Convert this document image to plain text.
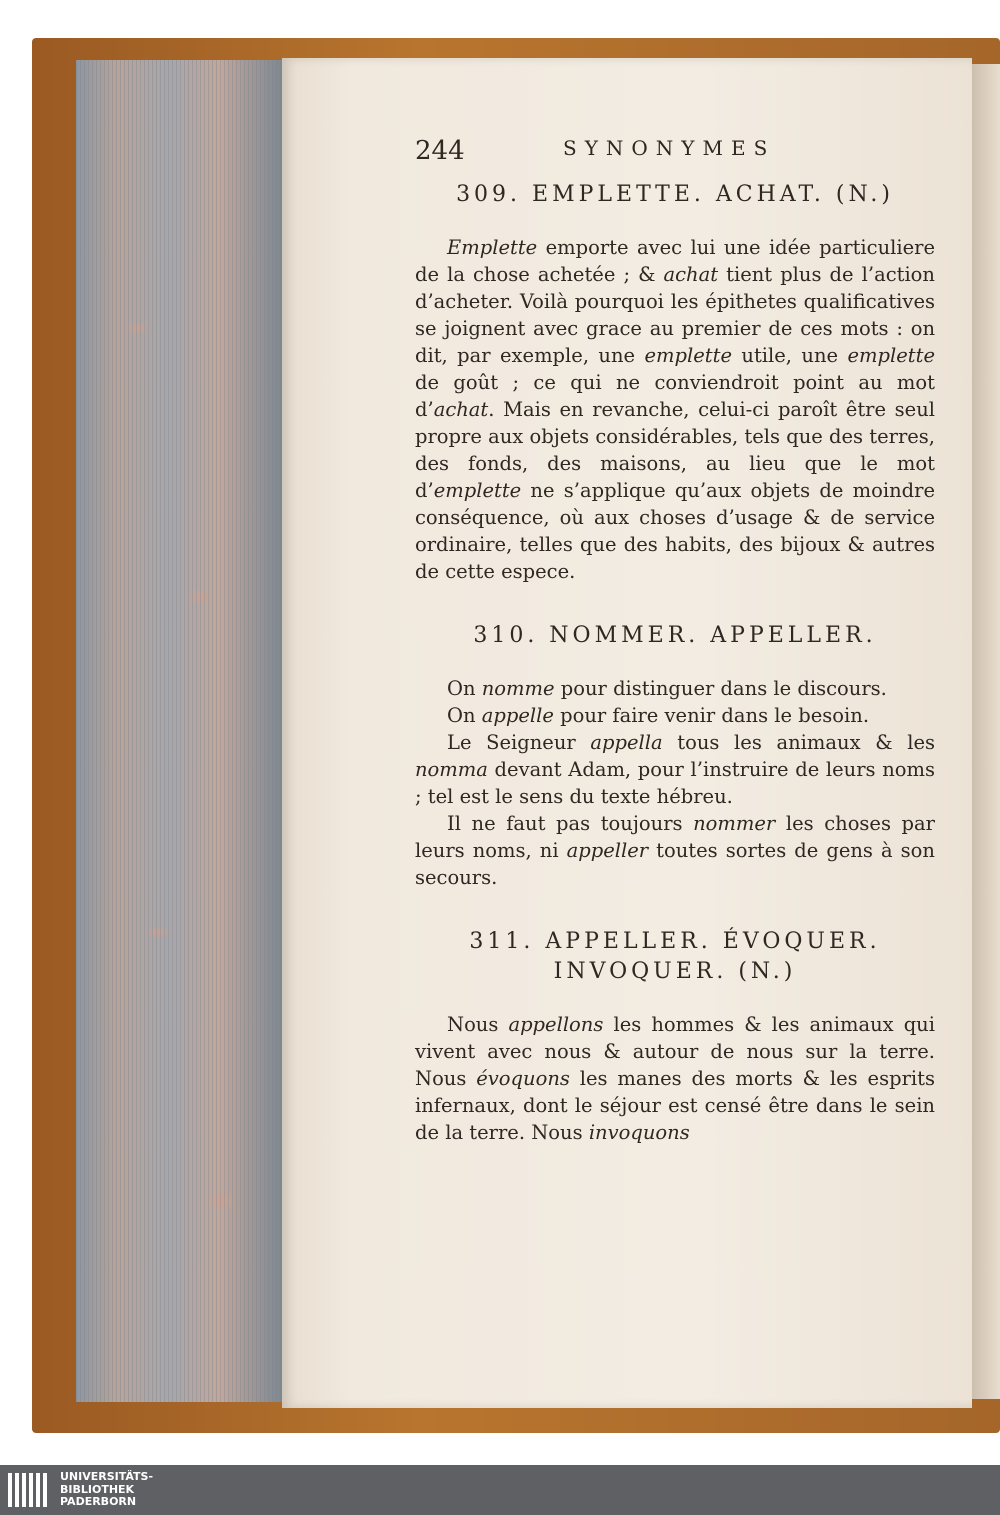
244	SYNONYMES
309. EMPLETTE. ACHAT. (N.)

Emplette emporte avec lui une idée particuliere de la chose achetée ; & achat tient plus de l’action d’acheter. Voilà pourquoi les épithetes qualificatives se joignent avec grace au premier de ces mots : on dit, par exemple, une emplette utile, une emplette de goût ; ce qui ne conviendroit point au mot d’achat. Mais en revanche, celui-ci paroît être seul propre aux objets considérables, tels que des terres, des fonds, des maisons, au lieu que le mot d’emplette ne s’applique qu’aux objets de moindre conséquence, où aux choses d’usage & de service ordinaire, telles que des habits, des bijoux & autres de cette espece.

310. NOMMER. APPELLER.

On nomme pour distinguer dans le discours.

On appelle pour faire venir dans le besoin.

Le Seigneur appella tous les animaux & les nomma devant Adam, pour l’instruire de leurs noms ; tel est le sens du texte hébreu.

Il ne faut pas toujours nommer les choses par leurs noms, ni appeller toutes sortes de gens à son secours.

311. APPELLER. ÉVOQUER. INVOQUER. (N.)

Nous appellons les hommes & les animaux qui vivent avec nous & autour de nous sur la terre. Nous évoquons les manes des morts & les esprits infernaux, dont le séjour est censé être dans le sein de la terre. Nous invoquons

UNIVERSITÄTS-
BIBLIOTHEK
PADERBORN
